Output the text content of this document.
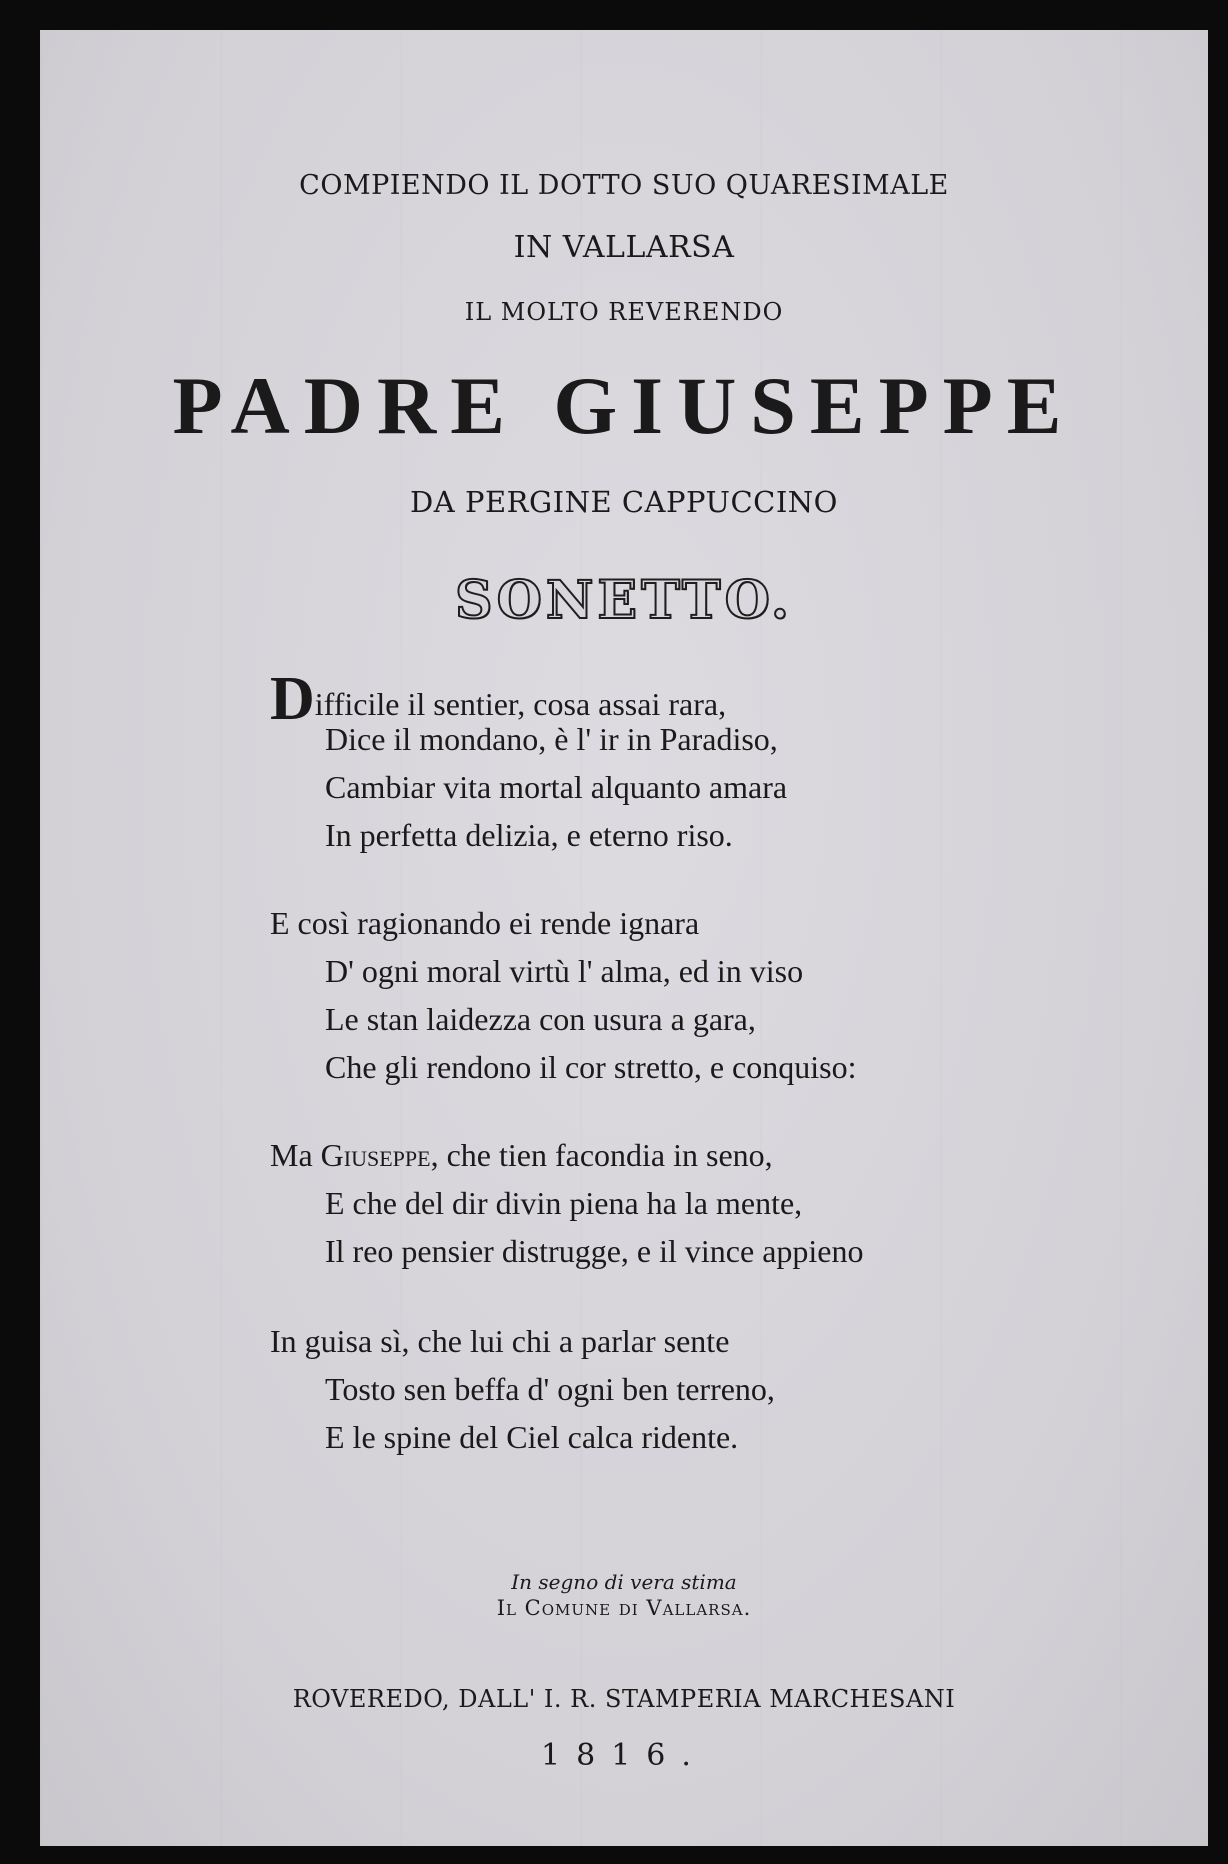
COMPIENDO IL DOTTO SUO QUARESIMALE
IN VALLARSA
IL MOLTO REVERENDO
PADRE GIUSEPPE
DA PERGINE CAPPUCCINO
SONETTO.
Difficile il sentier, cosa assai rara,
Dice il mondano, è l' ir in Paradiso,
Cambiar vita mortal alquanto amara
In perfetta delizia, e eterno riso.
E così ragionando ei rende ignara
D' ogni moral virtù l' alma, ed in viso
Le stan laidezza con usura a gara,
Che gli rendono il cor stretto, e conquiso:
Ma Giuseppe, che tien facondia in seno,
E che del dir divin piena ha la mente,
Il reo pensier distrugge, e il vince appieno
In guisa sì, che lui chi a parlar sente
Tosto sen beffa d' ogni ben terreno,
E le spine del Ciel calca ridente.
In segno di vera stima
Il Comune di Vallarsa.
ROVEREDO, DALL' I. R. STAMPERIA MARCHESANI
1816.
